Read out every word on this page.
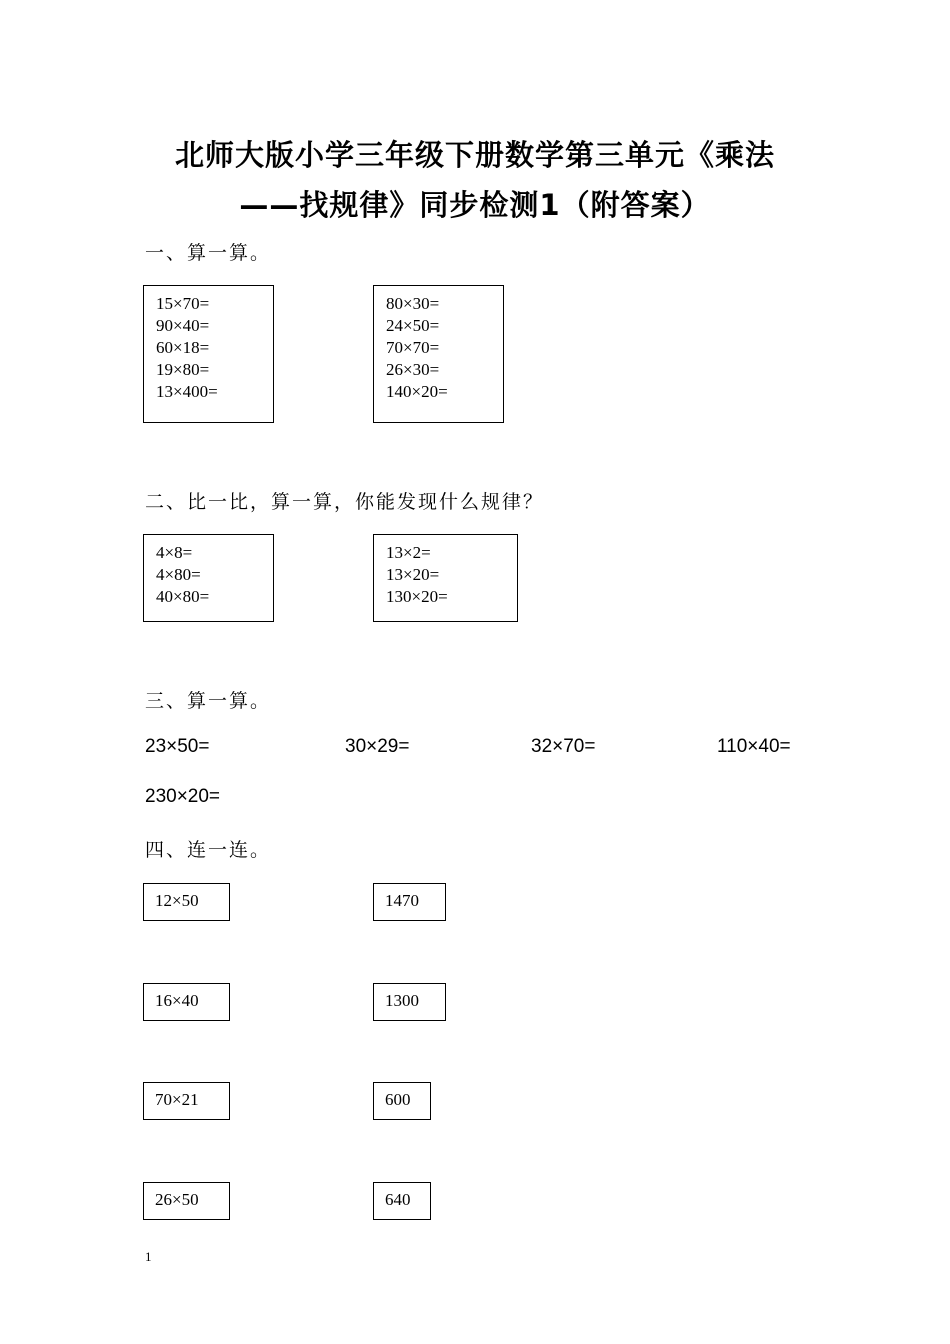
北师大版小学三年级下册数学第三单元《乘法
——找规律》同步检测1（附答案）
一、算一算。
15×70=
90×40=
60×18=
19×80=
13×400=
80×30=
24×50=
70×70=
26×30=
140×20=
二、比一比，算一算，你能发现什么规律？
4×8=
4×80=
40×80=
13×2=
13×20=
130×20=
三、算一算。
23×50=	30×29=	32×70=	110×40=
230×20=
四、连一连。
12×50	1470
16×40	1300
70×21	600
26×50	640
1
